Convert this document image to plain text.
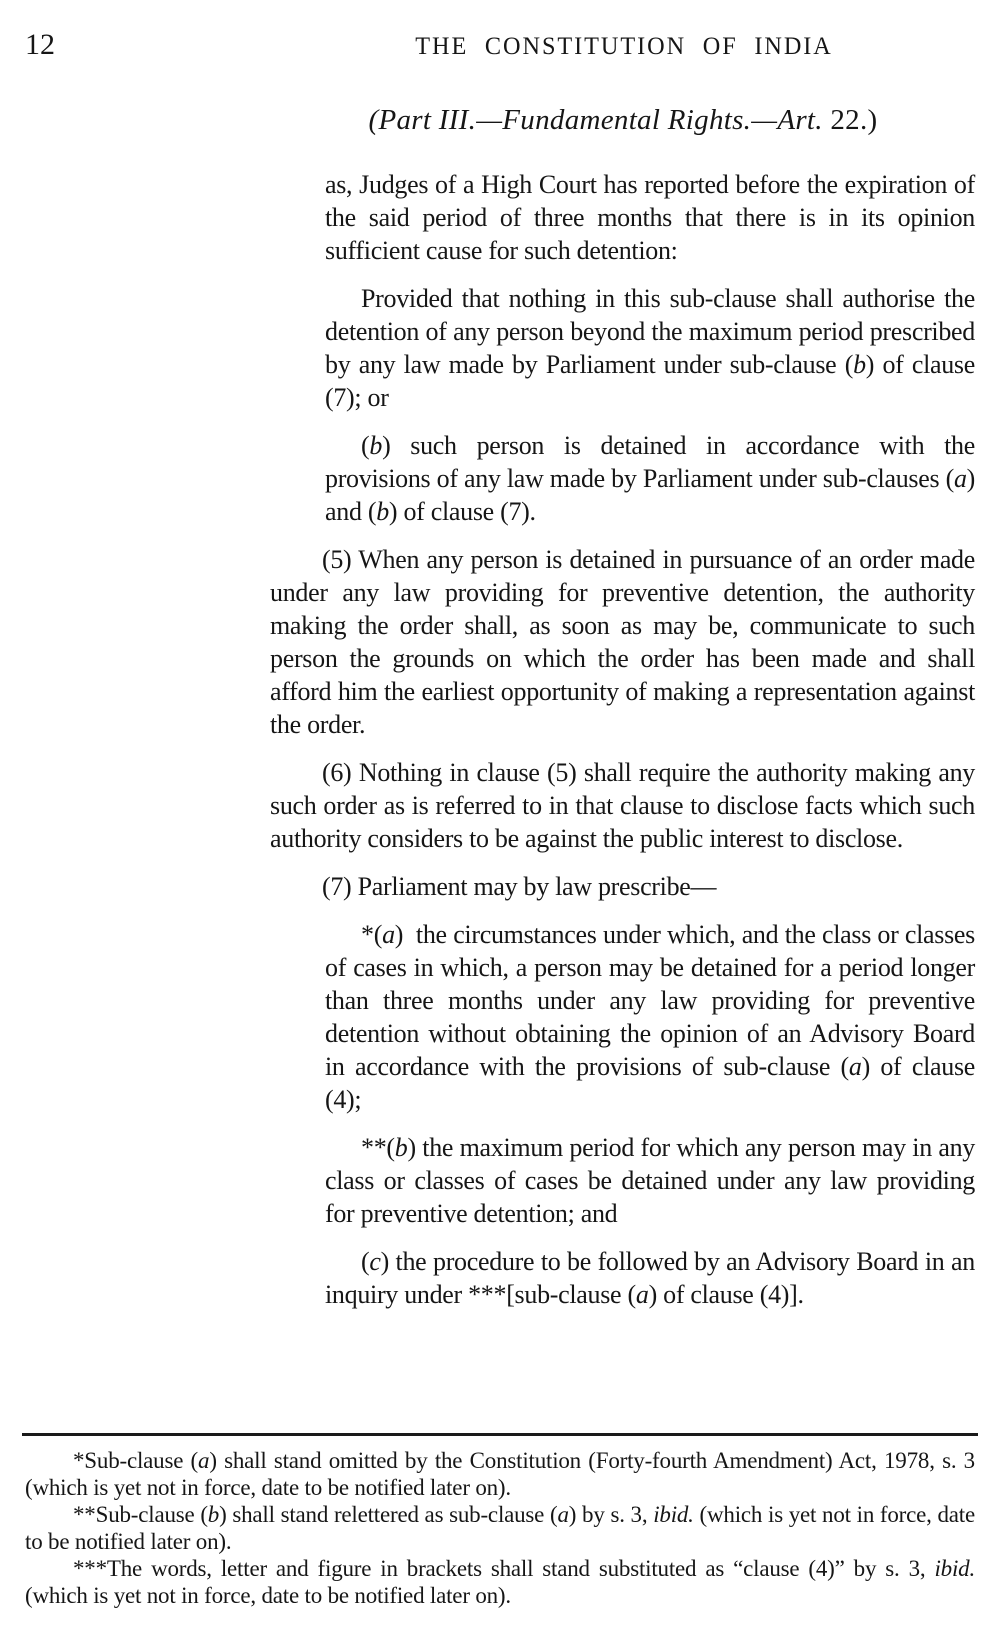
12	THE CONSTITUTION OF INDIA
(Part III.—Fundamental Rights.—Art. 22.)

as, Judges of a High Court has reported before the expiration of the said period of three months that there is in its opinion sufficient cause for such detention:

Provided that nothing in this sub-clause shall authorise the detention of any person beyond the maximum period prescribed by any law made by Parliament under sub-clause (b) of clause (7); or

(b) such person is detained in accordance with the provisions of any law made by Parliament under sub-clauses (a) and (b) of clause (7).

(5) When any person is detained in pursuance of an order made under any law providing for preventive detention, the authority making the order shall, as soon as may be, communicate to such person the grounds on which the order has been made and shall afford him the earliest opportunity of making a representation against the order.

(6) Nothing in clause (5) shall require the authority making any such order as is referred to in that clause to disclose facts which such authority considers to be against the public interest to disclose.

(7) Parliament may by law prescribe—

*(a)  the circumstances under which, and the class or classes of cases in which, a person may be detained for a period longer than three months under any law providing for preventive detention without obtaining the opinion of an Advisory Board in accordance with the provisions of sub-clause (a) of clause (4);

**(b) the maximum period for which any person may in any class or classes of cases be detained under any law providing for preventive detention; and

(c) the procedure to be followed by an Advisory Board in an inquiry under ***[sub-clause (a) of clause (4)].

*Sub-clause (a) shall stand omitted by the Constitution (Forty-fourth Amendment) Act, 1978, s. 3 (which is yet not in force, date to be notified later on).

**Sub-clause (b) shall stand relettered as sub-clause (a) by s. 3, ibid. (which is yet not in force, date to be notified later on).

***The words, letter and figure in brackets shall stand substituted as “clause (4)” by s. 3, ibid. (which is yet not in force, date to be notified later on).
